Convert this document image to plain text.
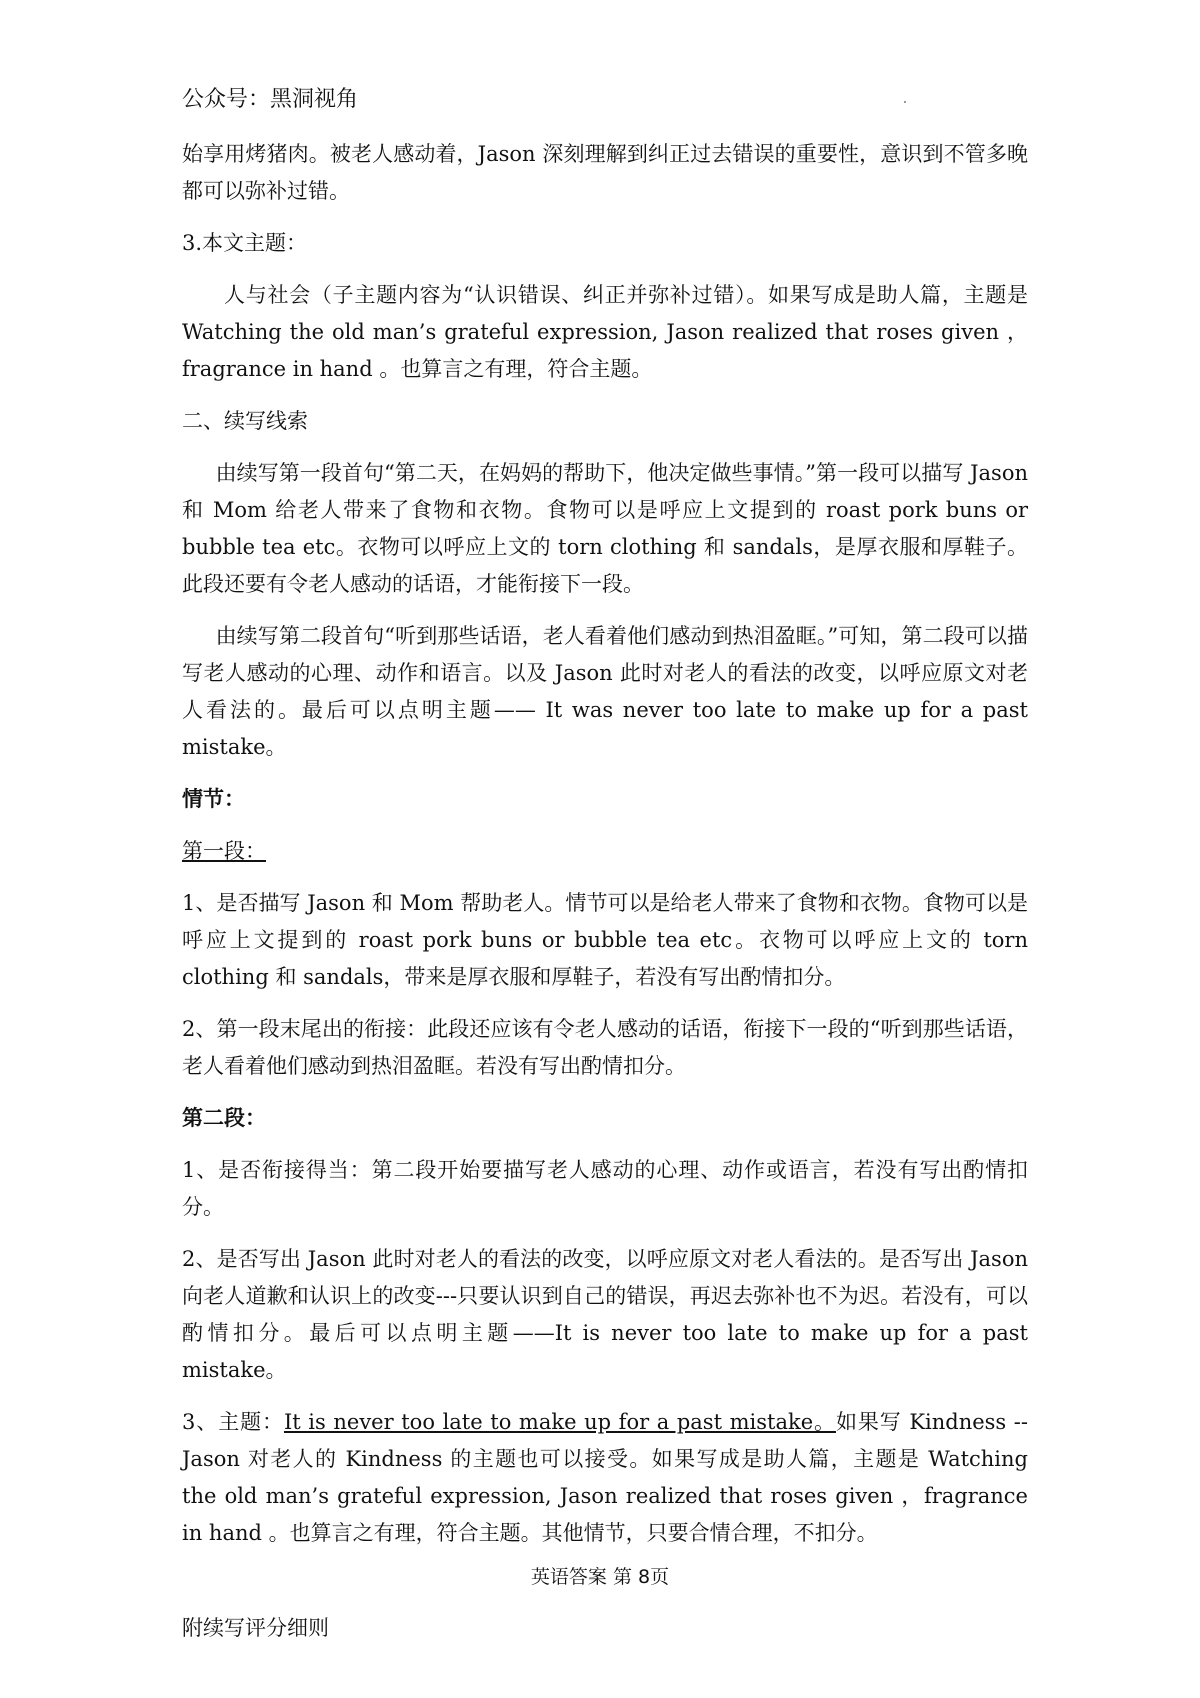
公众号：黑洞视角

始享用烤猪肉。被老人感动着，Jason 深刻理解到纠正过去错误的重要性，意识到不管多晚都可以弥补过错。

3.本文主题：

人与社会（子主题内容为“认识错误、纠正并弥补过错）。如果写成是助人篇，主题是 Watching the old man’s grateful expression, Jason realized that roses given ，fragrance in hand 。也算言之有理，符合主题。

二、续写线索

由续写第一段首句“第二天，在妈妈的帮助下，他决定做些事情。”第一段可以描写 Jason 和 Mom 给老人带来了食物和衣物。食物可以是呼应上文提到的 roast pork buns or bubble tea etc。衣物可以呼应上文的 torn clothing 和 sandals，是厚衣服和厚鞋子。此段还要有令老人感动的话语，才能衔接下一段。

由续写第二段首句“听到那些话语，老人看着他们感动到热泪盈眶。”可知，第二段可以描写老人感动的心理、动作和语言。以及 Jason 此时对老人的看法的改变，以呼应原文对老人看法的。最后可以点明主题—— It was never too late to make up for a past mistake。

情节：

第一段：

1、是否描写 Jason 和 Mom 帮助老人。情节可以是给老人带来了食物和衣物。食物可以是呼应上文提到的 roast pork buns or bubble tea etc。衣物可以呼应上文的 torn clothing 和 sandals，带来是厚衣服和厚鞋子，若没有写出酌情扣分。

2、第一段末尾出的衔接：此段还应该有令老人感动的话语，衔接下一段的“听到那些话语，老人看着他们感动到热泪盈眶。若没有写出酌情扣分。

第二段：

1、是否衔接得当：第二段开始要描写老人感动的心理、动作或语言，若没有写出酌情扣分。

2、是否写出 Jason 此时对老人的看法的改变，以呼应原文对老人看法的。是否写出 Jason 向老人道歉和认识上的改变---只要认识到自己的错误，再迟去弥补也不为迟。若没有，可以酌情扣分。最后可以点明主题——It is never too late to make up for a past mistake。

3、主题：It is never too late to make up for a past mistake。如果写 Kindness -- Jason 对老人的 Kindness 的主题也可以接受。如果写成是助人篇，主题是 Watching the old man’s grateful expression, Jason realized that roses given ，fragrance in hand 。也算言之有理，符合主题。其他情节，只要合情合理，不扣分。

附续写评分细则

英语答案 第 8页
